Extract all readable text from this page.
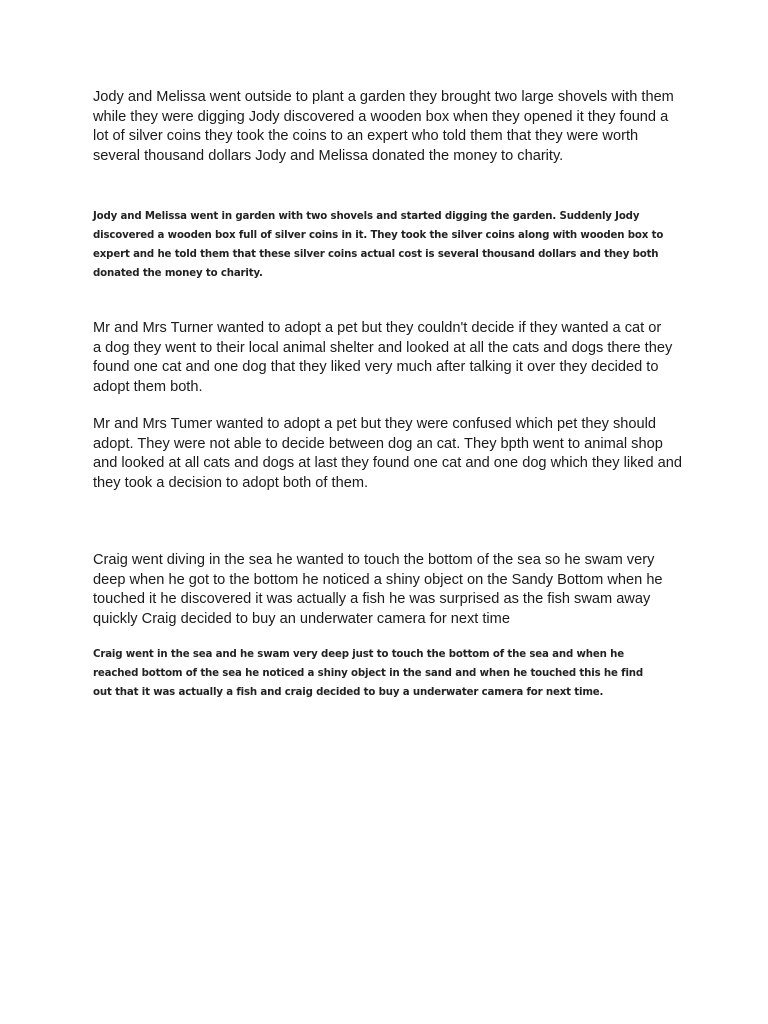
Jody and Melissa went outside to plant a garden they brought two large shovels with them while they were digging Jody discovered a wooden box when they opened it they found a lot of silver coins they took the coins to an expert who told them that they were worth several thousand dollars Jody and Melissa donated the money to charity.

Jody and Melissa went in garden with two shovels and started digging the garden. Suddenly Jody discovered a wooden box full of silver coins in it. They took the silver coins along with wooden box to expert and he told them that these silver coins actual cost is several thousand dollars and they both donated the money to charity.

Mr and Mrs Turner wanted to adopt a pet but they couldn't decide if they wanted a cat or a dog they went to their local animal shelter and looked at all the cats and dogs there they found one cat and one dog that they liked very much after talking it over they decided to adopt them both.

Mr and Mrs Tumer wanted to adopt a pet but they were confused which pet they should adopt. They were not able to decide between dog an cat. They bpth went to animal shop and looked at all cats and dogs at last they found one cat and one dog which they liked and they took a decision to adopt both of them.

Craig went diving in the sea he wanted to touch the bottom of the sea so he swam very deep when he got to the bottom he noticed a shiny object on the Sandy Bottom when he touched it he discovered it was actually a fish he was surprised as the fish swam away quickly Craig decided to buy an underwater camera for next time

Craig went in the sea and he swam very deep just to touch the bottom of the sea and when he reached bottom of the sea he noticed a shiny object in the sand and when he touched this he find out that it was actually a fish and craig decided to buy a underwater camera for next time.
